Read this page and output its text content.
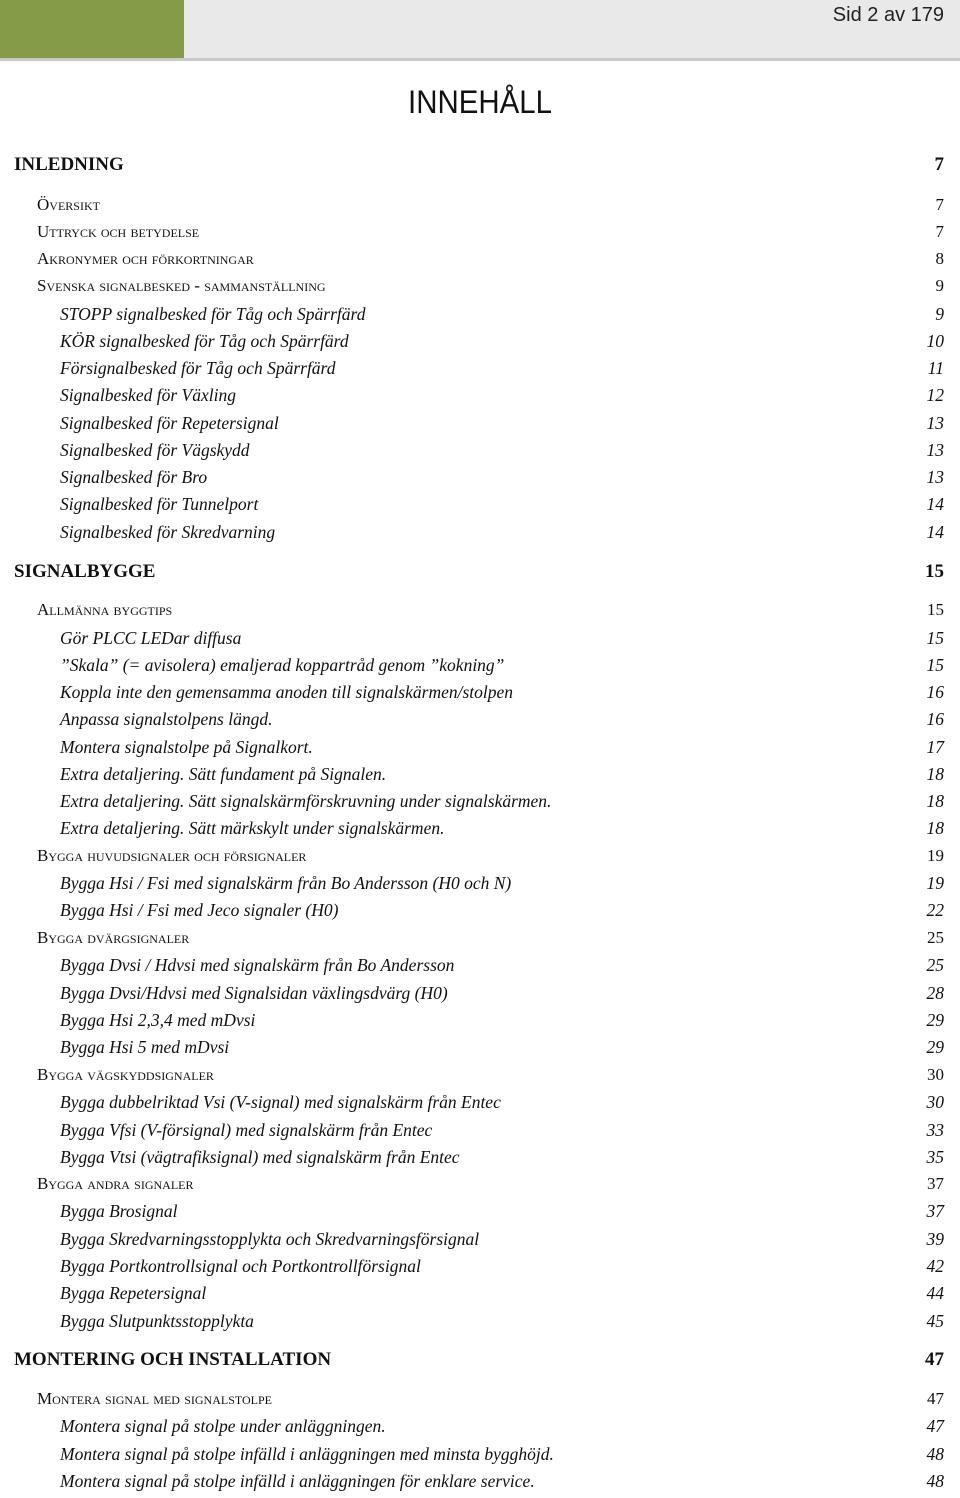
Sid 2 av 179
INNEHÅLL
INLEDNING	7
Översikt	7
Uttryck och betydelse	7
Akronymer och förkortningar	8
Svenska signalbesked - sammanställning	9
STOPP signalbesked för Tåg och Spärrfärd	9
KÖR signalbesked för Tåg och Spärrfärd	10
Försignalbesked för Tåg och Spärrfärd	11
Signalbesked för Växling	12
Signalbesked för Repetersignal	13
Signalbesked för Vägskydd	13
Signalbesked för Bro	13
Signalbesked för Tunnelport	14
Signalbesked för Skredvarning	14
SIGNALBYGGE	15
Allmänna byggtips	15
Gör PLCC LEDar diffusa	15
”Skala” (= avisolera) emaljerad koppartråd genom ”kokning”	15
Koppla inte den gemensamma anoden till signalskärmen/stolpen	16
Anpassa signalstolpens längd.	16
Montera signalstolpe på Signalkort.	17
Extra detaljering. Sätt fundament på Signalen.	18
Extra detaljering. Sätt signalskärmförskruvning under signalskärmen.	18
Extra detaljering. Sätt märkskylt under signalskärmen.	18
Bygga huvudsignaler och försignaler	19
Bygga Hsi / Fsi med signalskärm från Bo Andersson (H0 och N)	19
Bygga Hsi / Fsi med Jeco signaler (H0)	22
Bygga dvärgsignaler	25
Bygga Dvsi / Hdvsi med signalskärm från Bo Andersson	25
Bygga Dvsi/Hdvsi med Signalsidan växlingsdvärg (H0)	28
Bygga Hsi 2,3,4 med mDvsi	29
Bygga Hsi 5 med mDvsi	29
Bygga vägskyddsignaler	30
Bygga dubbelriktad Vsi (V-signal) med signalskärm från Entec	30
Bygga Vfsi (V-försignal) med signalskärm från Entec	33
Bygga Vtsi (vägtrafiksignal) med signalskärm från Entec	35
Bygga andra signaler	37
Bygga Brosignal	37
Bygga Skredvarningsstopplykta och Skredvarningsförsignal	39
Bygga Portkontrollsignal och Portkontrollförsignal	42
Bygga Repetersignal	44
Bygga Slutpunktsstopplykta	45
MONTERING OCH INSTALLATION	47
Montera signal med signalstolpe	47
Montera signal på stolpe under anläggningen.	47
Montera signal på stolpe infälld i anläggningen med minsta bygghöjd.	48
Montera signal på stolpe infälld i anläggningen för enklare service.	48
